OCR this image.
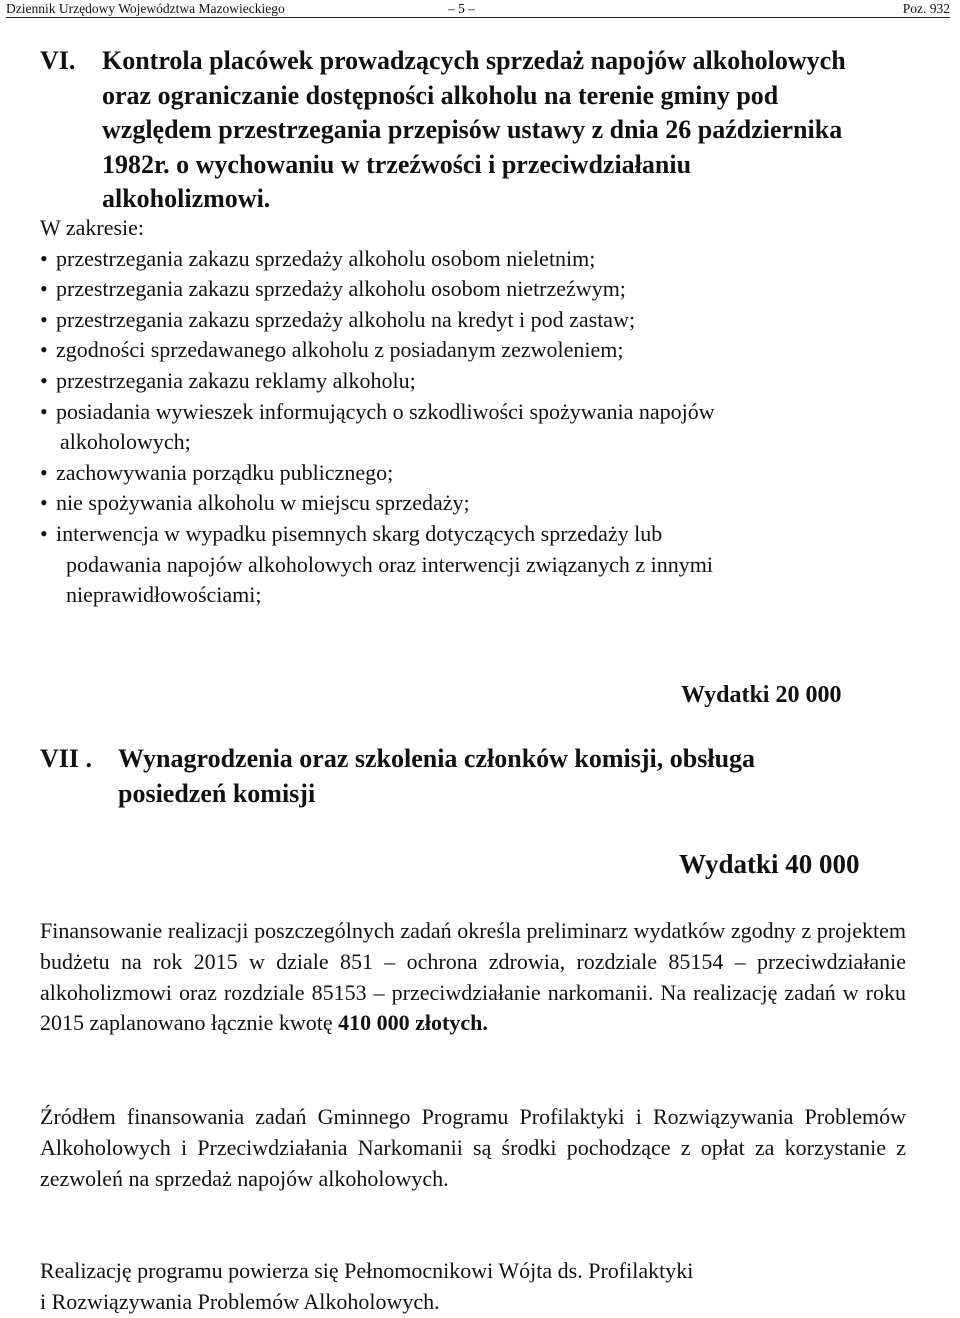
Dziennik Urzędowy Województwa Mazowieckiego	– 5 –	Poz. 932
VI.	Kontrola placówek prowadzących sprzedaż napojów alkoholowych oraz ograniczanie dostępności alkoholu na terenie gminy pod względem przestrzegania przepisów ustawy z dnia 26 października 1982r. o wychowaniu w trzeźwości i przeciwdziałaniu alkoholizmowi.
W zakresie:
• przestrzegania zakazu sprzedaży alkoholu osobom nieletnim;
• przestrzegania zakazu sprzedaży alkoholu osobom nietrzeźwym;
• przestrzegania zakazu sprzedaży alkoholu na kredyt i pod zastaw;
• zgodności sprzedawanego alkoholu z posiadanym zezwoleniem;
• przestrzegania zakazu reklamy alkoholu;
• posiadania wywieszek informujących o szkodliwości spożywania napojów
alkoholowych;
• zachowywania porządku publicznego;
• nie spożywania alkoholu w miejscu sprzedaży;
• interwencja w wypadku pisemnych skarg dotyczących sprzedaży lub
podawania napojów alkoholowych oraz interwencji związanych z innymi
nieprawidłowościami;
Wydatki 20 000
VII . Wynagrodzenia oraz szkolenia członków komisji, obsługa posiedzeń komisji
Wydatki 40 000
Finansowanie realizacji poszczególnych zadań określa preliminarz wydatków zgodny z projektem budżetu na rok 2015 w dziale 851 – ochrona zdrowia, rozdziale 85154 – przeciwdziałanie alkoholizmowi oraz rozdziale 85153 – przeciwdziałanie narkomanii. Na realizację zadań w roku 2015 zaplanowano łącznie kwotę 410 000 złotych.
Źródłem finansowania zadań Gminnego Programu Profilaktyki i Rozwiązywania Problemów Alkoholowych i Przeciwdziałania Narkomanii są środki pochodzące z opłat za korzystanie z zezwoleń na sprzedaż napojów alkoholowych.
Realizację programu powierza się Pełnomocnikowi Wójta ds. Profilaktyki
i Rozwiązywania Problemów Alkoholowych.
